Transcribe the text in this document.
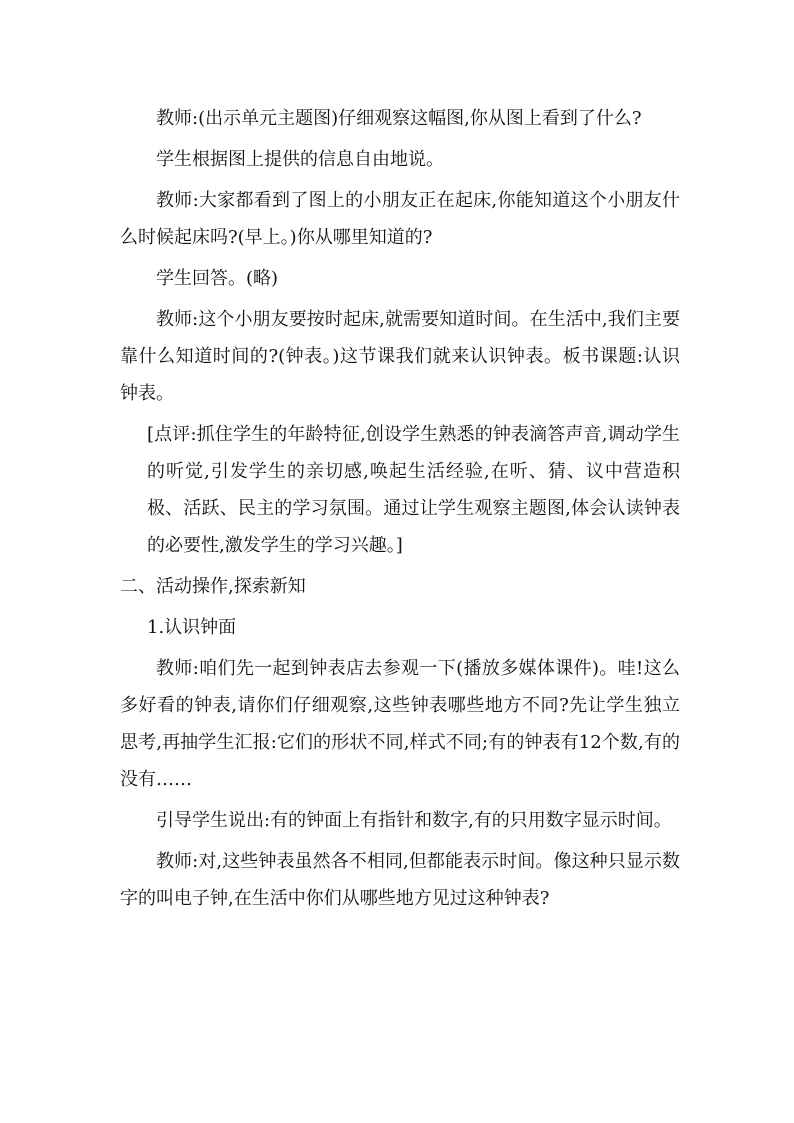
教师:(出示单元主题图)仔细观察这幅图,你从图上看到了什么?

学生根据图上提供的信息自由地说。

教师:大家都看到了图上的小朋友正在起床,你能知道这个小朋友什么时候起床吗?(早上。)你从哪里知道的?

学生回答。(略)

教师:这个小朋友要按时起床,就需要知道时间。在生活中,我们主要靠什么知道时间的?(钟表。)这节课我们就来认识钟表。板书课题:认识钟表。

[点评:抓住学生的年龄特征,创设学生熟悉的钟表滴答声音,调动学生的听觉,引发学生的亲切感,唤起生活经验,在听、猜、议中营造积极、活跃、民主的学习氛围。通过让学生观察主题图,体会认读钟表的必要性,激发学生的学习兴趣。]

二、活动操作,探索新知

1.认识钟面

教师:咱们先一起到钟表店去参观一下(播放多媒体课件)。哇!这么多好看的钟表,请你们仔细观察,这些钟表哪些地方不同?先让学生独立思考,再抽学生汇报:它们的形状不同,样式不同;有的钟表有12个数,有的没有……

引导学生说出:有的钟面上有指针和数字,有的只用数字显示时间。

教师:对,这些钟表虽然各不相同,但都能表示时间。像这种只显示数字的叫电子钟,在生活中你们从哪些地方见过这种钟表?
